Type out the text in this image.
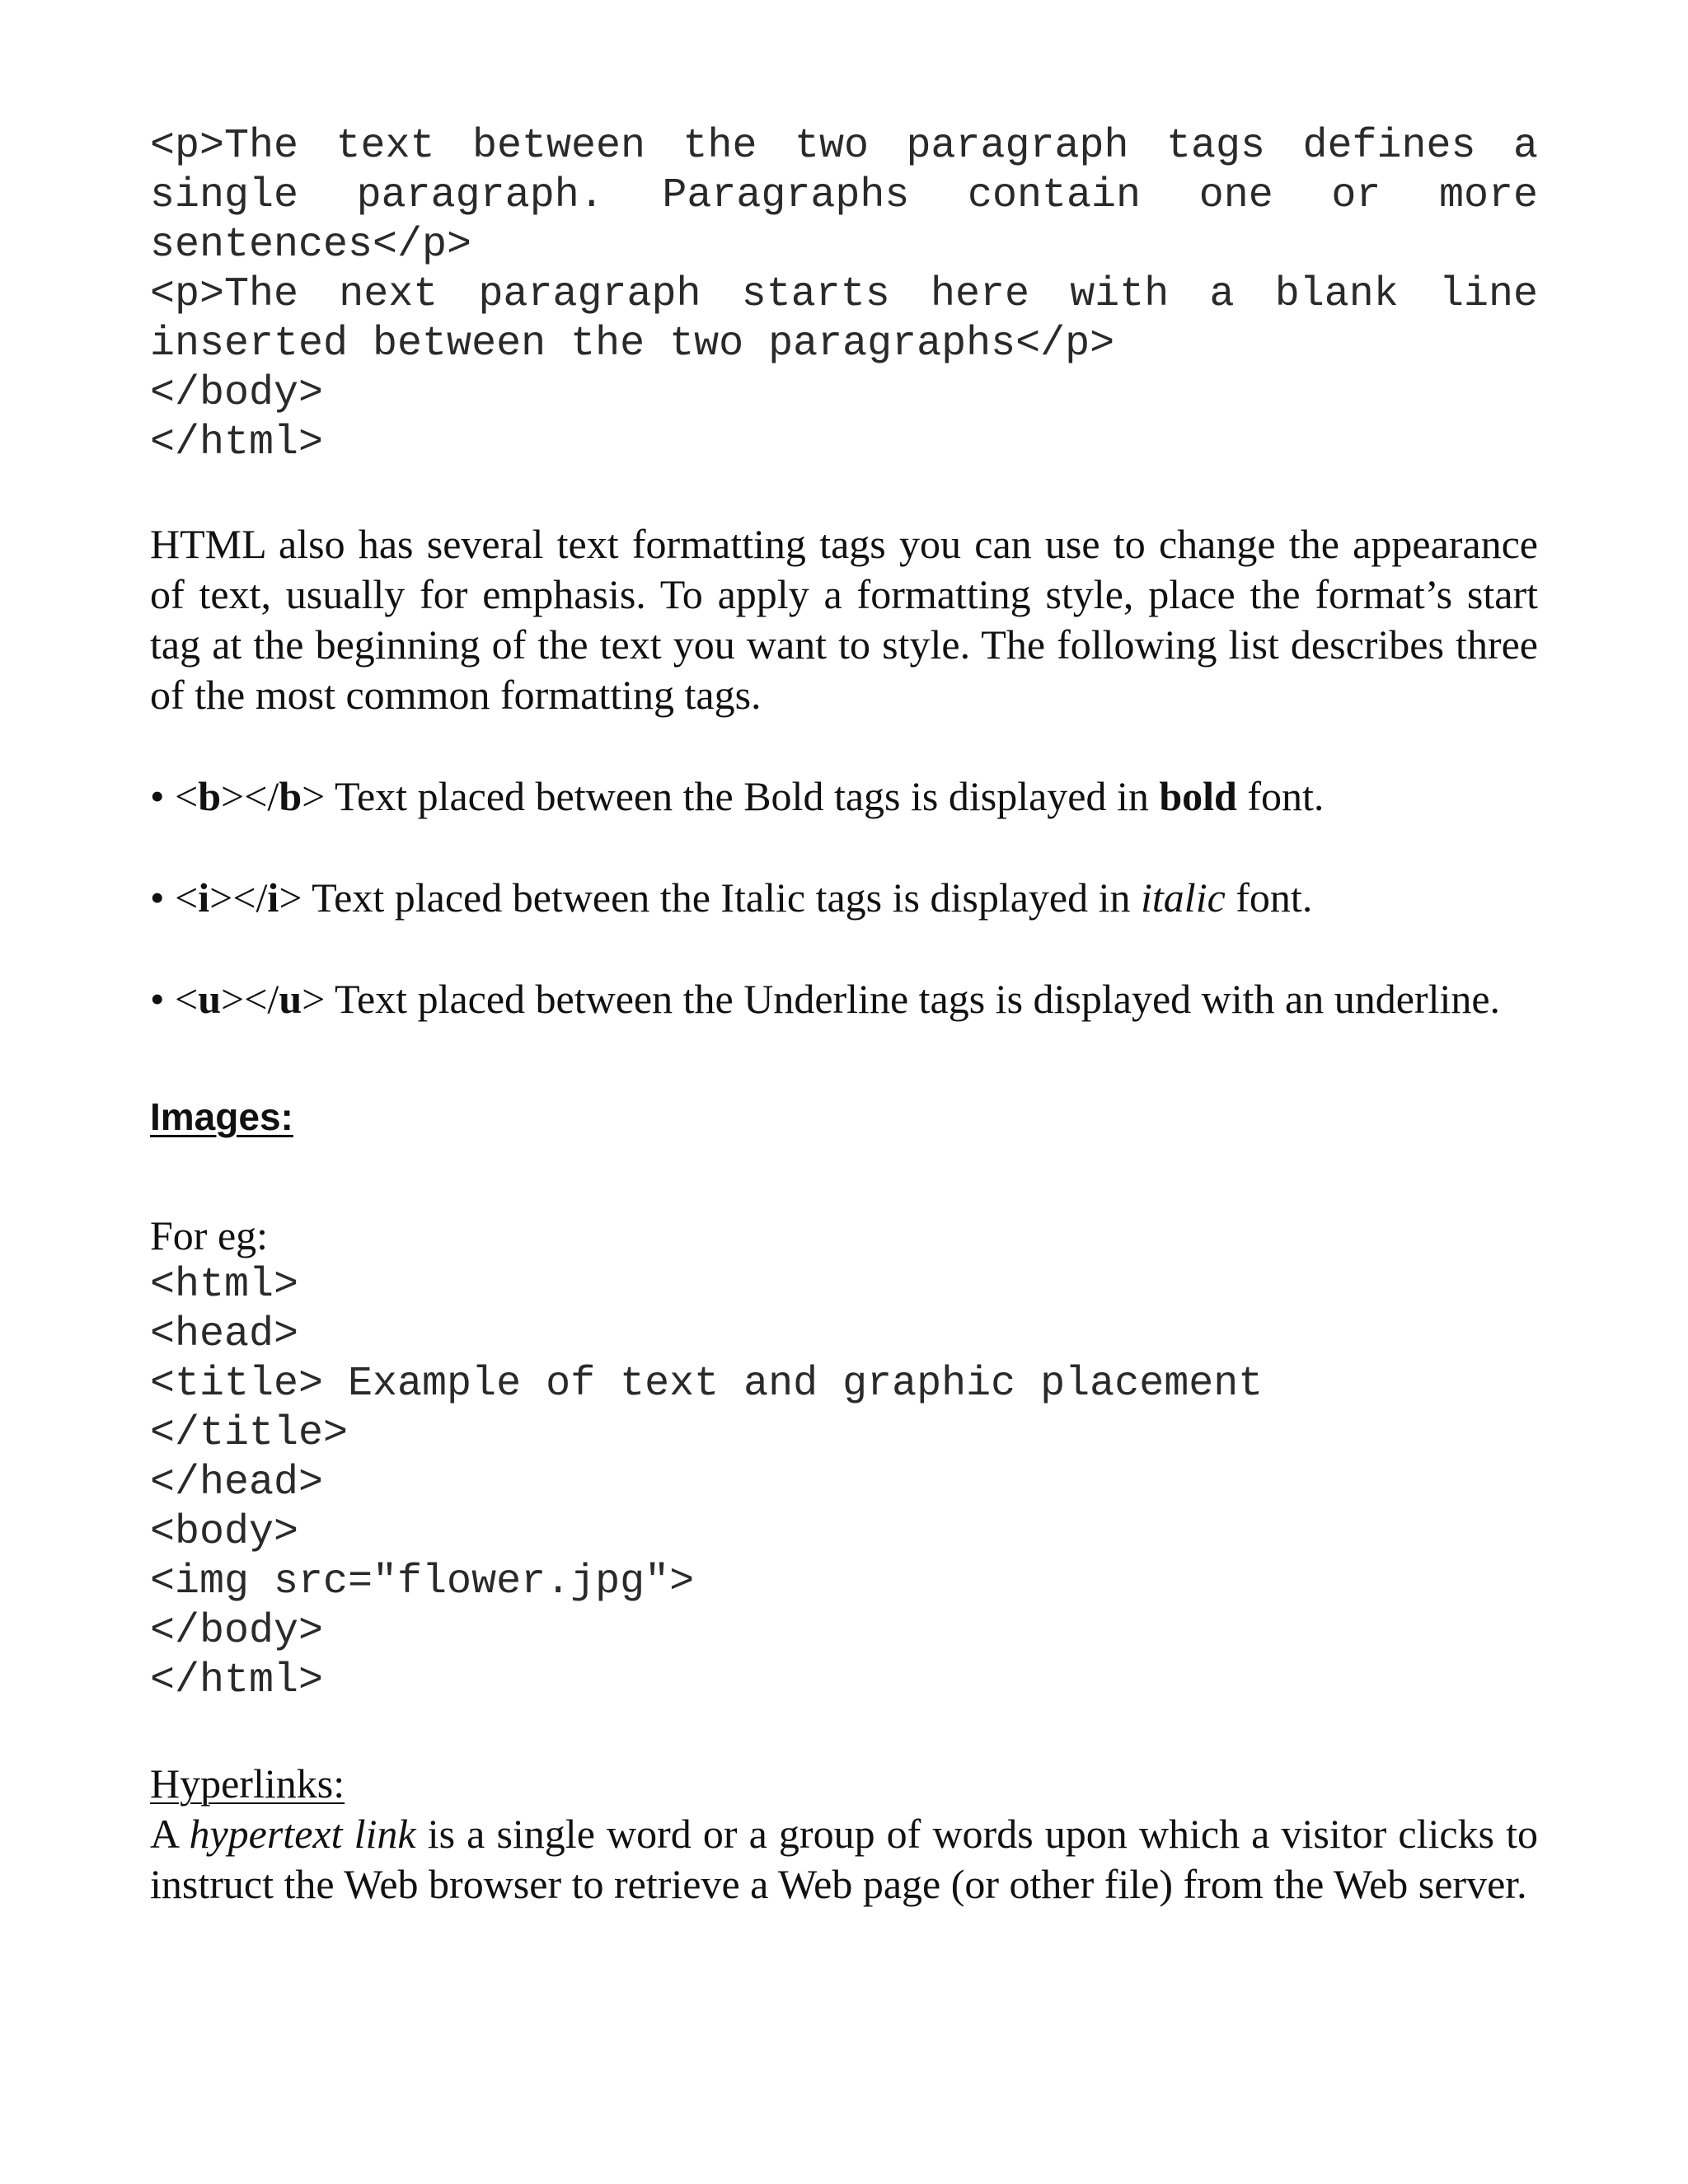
<p>The text between the two paragraph tags defines a single paragraph. Paragraphs contain one or more sentences</p>
<p>The next paragraph starts here with a blank line inserted between the two paragraphs</p>
</body>
</html>
HTML also has several text formatting tags you can use to change the appearance of text, usually for emphasis. To apply a formatting style, place the format’s start tag at the beginning of the text you want to style. The following list describes three of the most common formatting tags.
• <b></b> Text placed between the Bold tags is displayed in bold font.
• <i></i> Text placed between the Italic tags is displayed in italic font.
• <u></u> Text placed between the Underline tags is displayed with an underline.
Images:
For eg:
<html>
<head>
<title> Example of text and graphic placement
</title>
</head>
<body>
<img src="flower.jpg">
</body>
</html>
Hyperlinks:
A hypertext link is a single word or a group of words upon which a visitor clicks to instruct the Web browser to retrieve a Web page (or other file) from the Web server.
